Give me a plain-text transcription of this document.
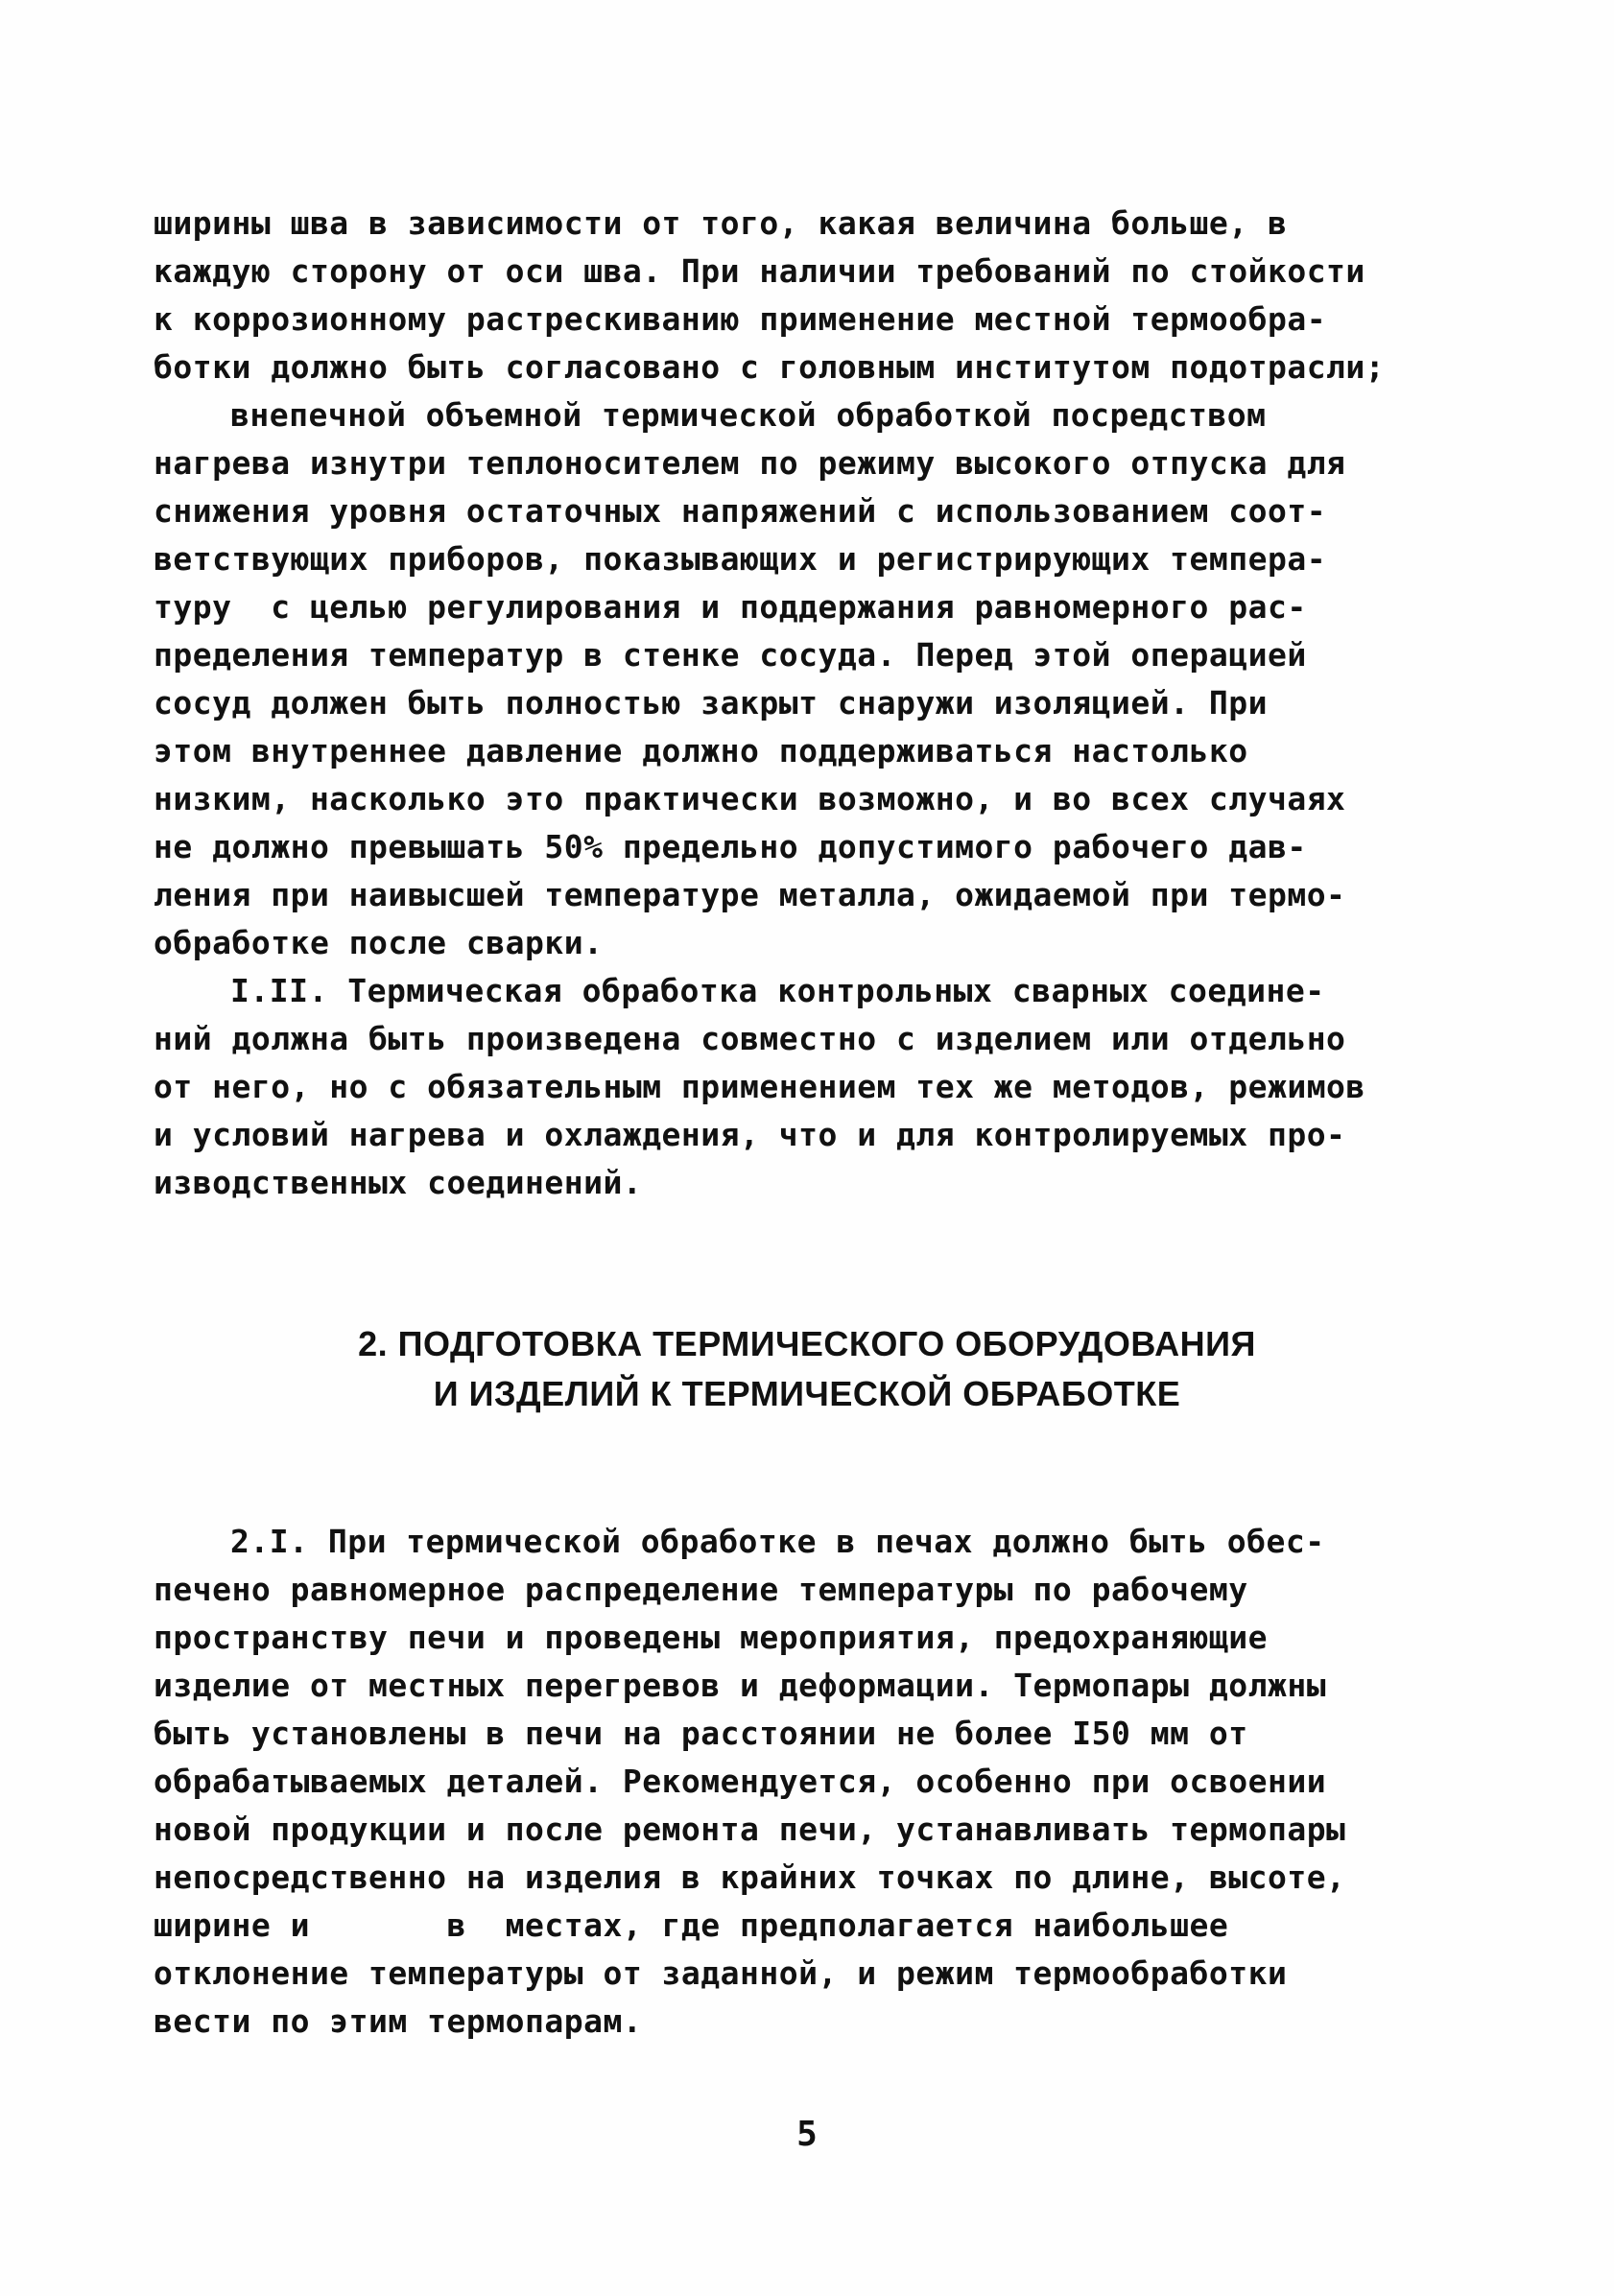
ширины шва в зависимости от того, какая величина больше, в
каждую сторону от оси шва. При наличии требований по стойкости
к коррозионному растрескиванию применение местной термообра-
ботки должно быть согласовано с головным институтом подотрасли;
внепечной объемной термической обработкой посредством
нагрева изнутри теплоносителем по режиму высокого отпуска для
снижения уровня остаточных напряжений с использованием соот-
ветствующих приборов, показывающих и регистрирующих темпера-
туру  с целью регулирования и поддержания равномерного рас-
пределения температур в стенке сосуда. Перед этой операцией
сосуд должен быть полностью закрыт снаружи изоляцией. При
этом внутреннее давление должно поддерживаться настолько
низким, насколько это практически возможно, и во всех случаях
не должно превышать 50% предельно допустимого рабочего дав-
ления при наивысшей температуре металла, ожидаемой при термо-
обработке после сварки.
I.II. Термическая обработка контрольных сварных соедине-
ний должна быть произведена совместно с изделием или отдельно
от него, но с обязательным применением тех же методов, режимов
и условий нагрева и охлаждения, что и для контролируемых про-
изводственных соединений.
2. ПОДГОТОВКА ТЕРМИЧЕСКОГО ОБОРУДОВАНИЯ
И ИЗДЕЛИЙ К ТЕРМИЧЕСКОЙ ОБРАБОТКЕ
2.I. При термической обработке в печах должно быть обес-
печено равномерное распределение температуры по рабочему
пространству печи и проведены мероприятия, предохраняющие
изделие от местных перегревов и деформации. Термопары должны
быть установлены в печи на расстоянии не более I50 мм от
обрабатываемых деталей. Рекомендуется, особенно при освоении
новой продукции и после ремонта печи, устанавливать термопары
непосредственно на изделия в крайних точках по длине, высоте,
ширине и       в  местах, где предполагается наибольшее
отклонение температуры от заданной, и режим термообработки
вести по этим термопарам.
5
